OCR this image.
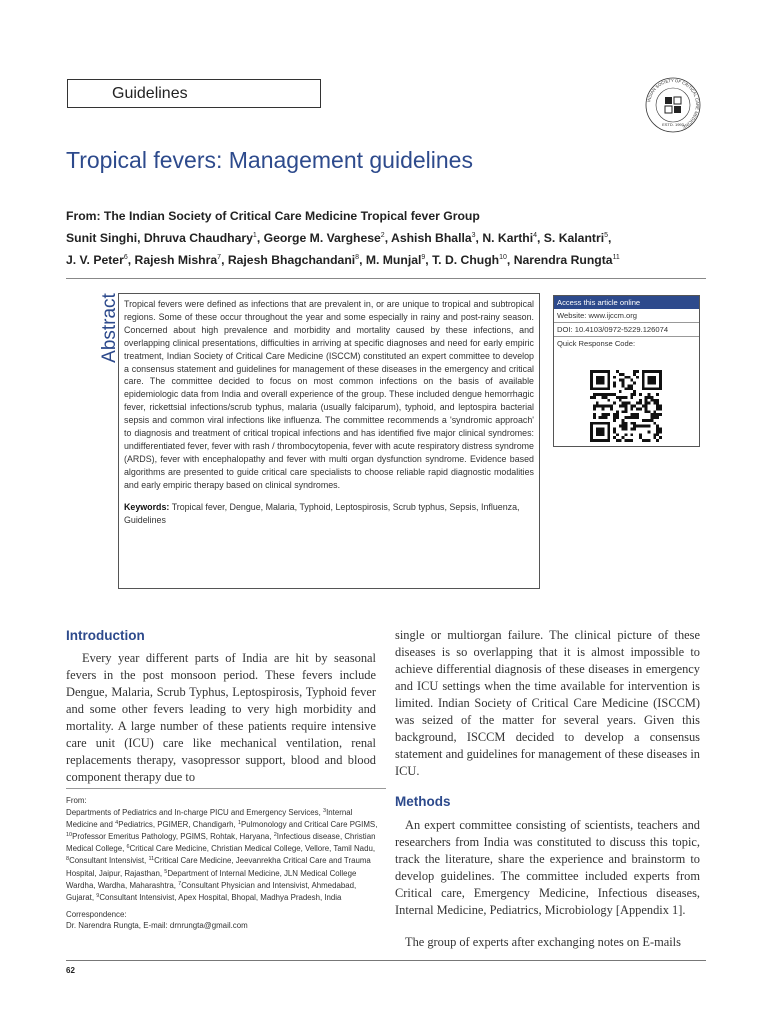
Guidelines	INDIAN SOCIETY OF CRITICAL CARE MEDICINE
ESTD. 1993
Tropical fevers: Management guidelines
From: The Indian Society of Critical Care Medicine Tropical fever Group
Sunit Singhi, Dhruva Chaudhary$^1$, George M. Varghese$^2$, Ashish Bhalla$^3$, N. Karthi$^4$, S. Kalantri$^5$,
J. V. Peter$^6$, Rajesh Mishra$^7$, Rajesh Bhagchandani$^8$, M. Munjal$^9$, T. D. Chugh$^{10}$, Narendra Rungta$^{11}$
Abstract Tropical fevers were defined as infections that are prevalent in, or are unique to tropical and subtropical regions. Some of these occur throughout the year and some especially in rainy and post-rainy season. Concerned about high prevalence and morbidity and mortality caused by these infections, and overlapping clinical presentations, difficulties in arriving at specific diagnoses and need for early empiric treatment, Indian Society of Critical Care Medicine (ISCCM) constituted an expert committee to develop a consensus statement and guidelines for management of these diseases in the emergency and critical care. The committee decided to focus on most common infections on the basis of available epidemiologic data from India and overall experience of the group. These included dengue hemorrhagic fever, rickettsial infections/scrub typhus, malaria (usually falciparum), typhoid, and leptospira bacterial sepsis and common viral infections like influenza. The committee recommends a 'syndromic approach' to diagnosis and treatment of critical tropical infections and has identified five major clinical syndromes: undifferentiated fever, fever with rash / thrombocytopenia, fever with acute respiratory distress syndrome (ARDS), fever with encephalopathy and fever with multi organ dysfunction syndrome. Evidence based algorithms are presented to guide critical care specialists to choose reliable rapid diagnostic modalities and early empiric therapy based on clinical syndromes.

Keywords: Tropical fever, Dengue, Malaria, Typhoid, Leptospirosis, Scrub typhus, Sepsis, Influenza, Guidelines
Access this article online
Website: www.ijccm.org
DOI: 10.4103/0972-5229.126074
Quick Response Code:
Introduction
Every year different parts of India are hit by seasonal fevers in the post monsoon period. These fevers include Dengue, Malaria, Scrub Typhus, Leptospirosis, Typhoid fever and some other fevers leading to very high morbidity and mortality. A large number of these patients require intensive care unit (ICU) care like mechanical ventilation, renal replacements therapy, vasopressor support, blood and blood component therapy due to
single or multiorgan failure. The clinical picture of these diseases is so overlapping that it is almost impossible to achieve differential diagnosis of these diseases in emergency and ICU settings when the time available for intervention is limited. Indian Society of Critical Care Medicine (ISCCM) was seized of the matter for several years. Given this background, ISCCM decided to develop a consensus statement and guidelines for management of these diseases in ICU.
Methods
An expert committee consisting of scientists, teachers and researchers from India was constituted to discuss this topic, track the literature, share the experience and brainstorm to develop guidelines. The committee included experts from Critical care, Emergency Medicine, Infectious diseases, Internal Medicine, Pediatrics, Microbiology [Appendix 1].
The group of experts after exchanging notes on E-mails
From:
Departments of Pediatrics and In-charge PICU and Emergency Services, $^3$Internal Medicine and $^4$Pediatrics, PGIMER, Chandigarh, $^1$Pulmonology and Critical Care PGIMS, $^{10}$Professor Emeritus Pathology, PGIMS, Rohtak, Haryana, $^2$Infectious disease, Christian Medical College, $^6$Critical Care Medicine, Christian Medical College, Vellore, Tamil Nadu, $^8$Consultant Intensivist, $^{11}$Critical Care Medicine, Jeevanrekha Critical Care and Trauma Hospital, Jaipur, Rajasthan, $^5$Department of Internal Medicine, JLN Medical College Wardha, Wardha, Maharashtra, $^7$Consultant Physician and Intensivist, Ahmedabad, Gujarat, $^9$Consultant Intensivist, Apex Hospital, Bhopal, Madhya Pradesh, India
Correspondence:
Dr. Narendra Rungta, E-mail: drnrungta@gmail.com
62
